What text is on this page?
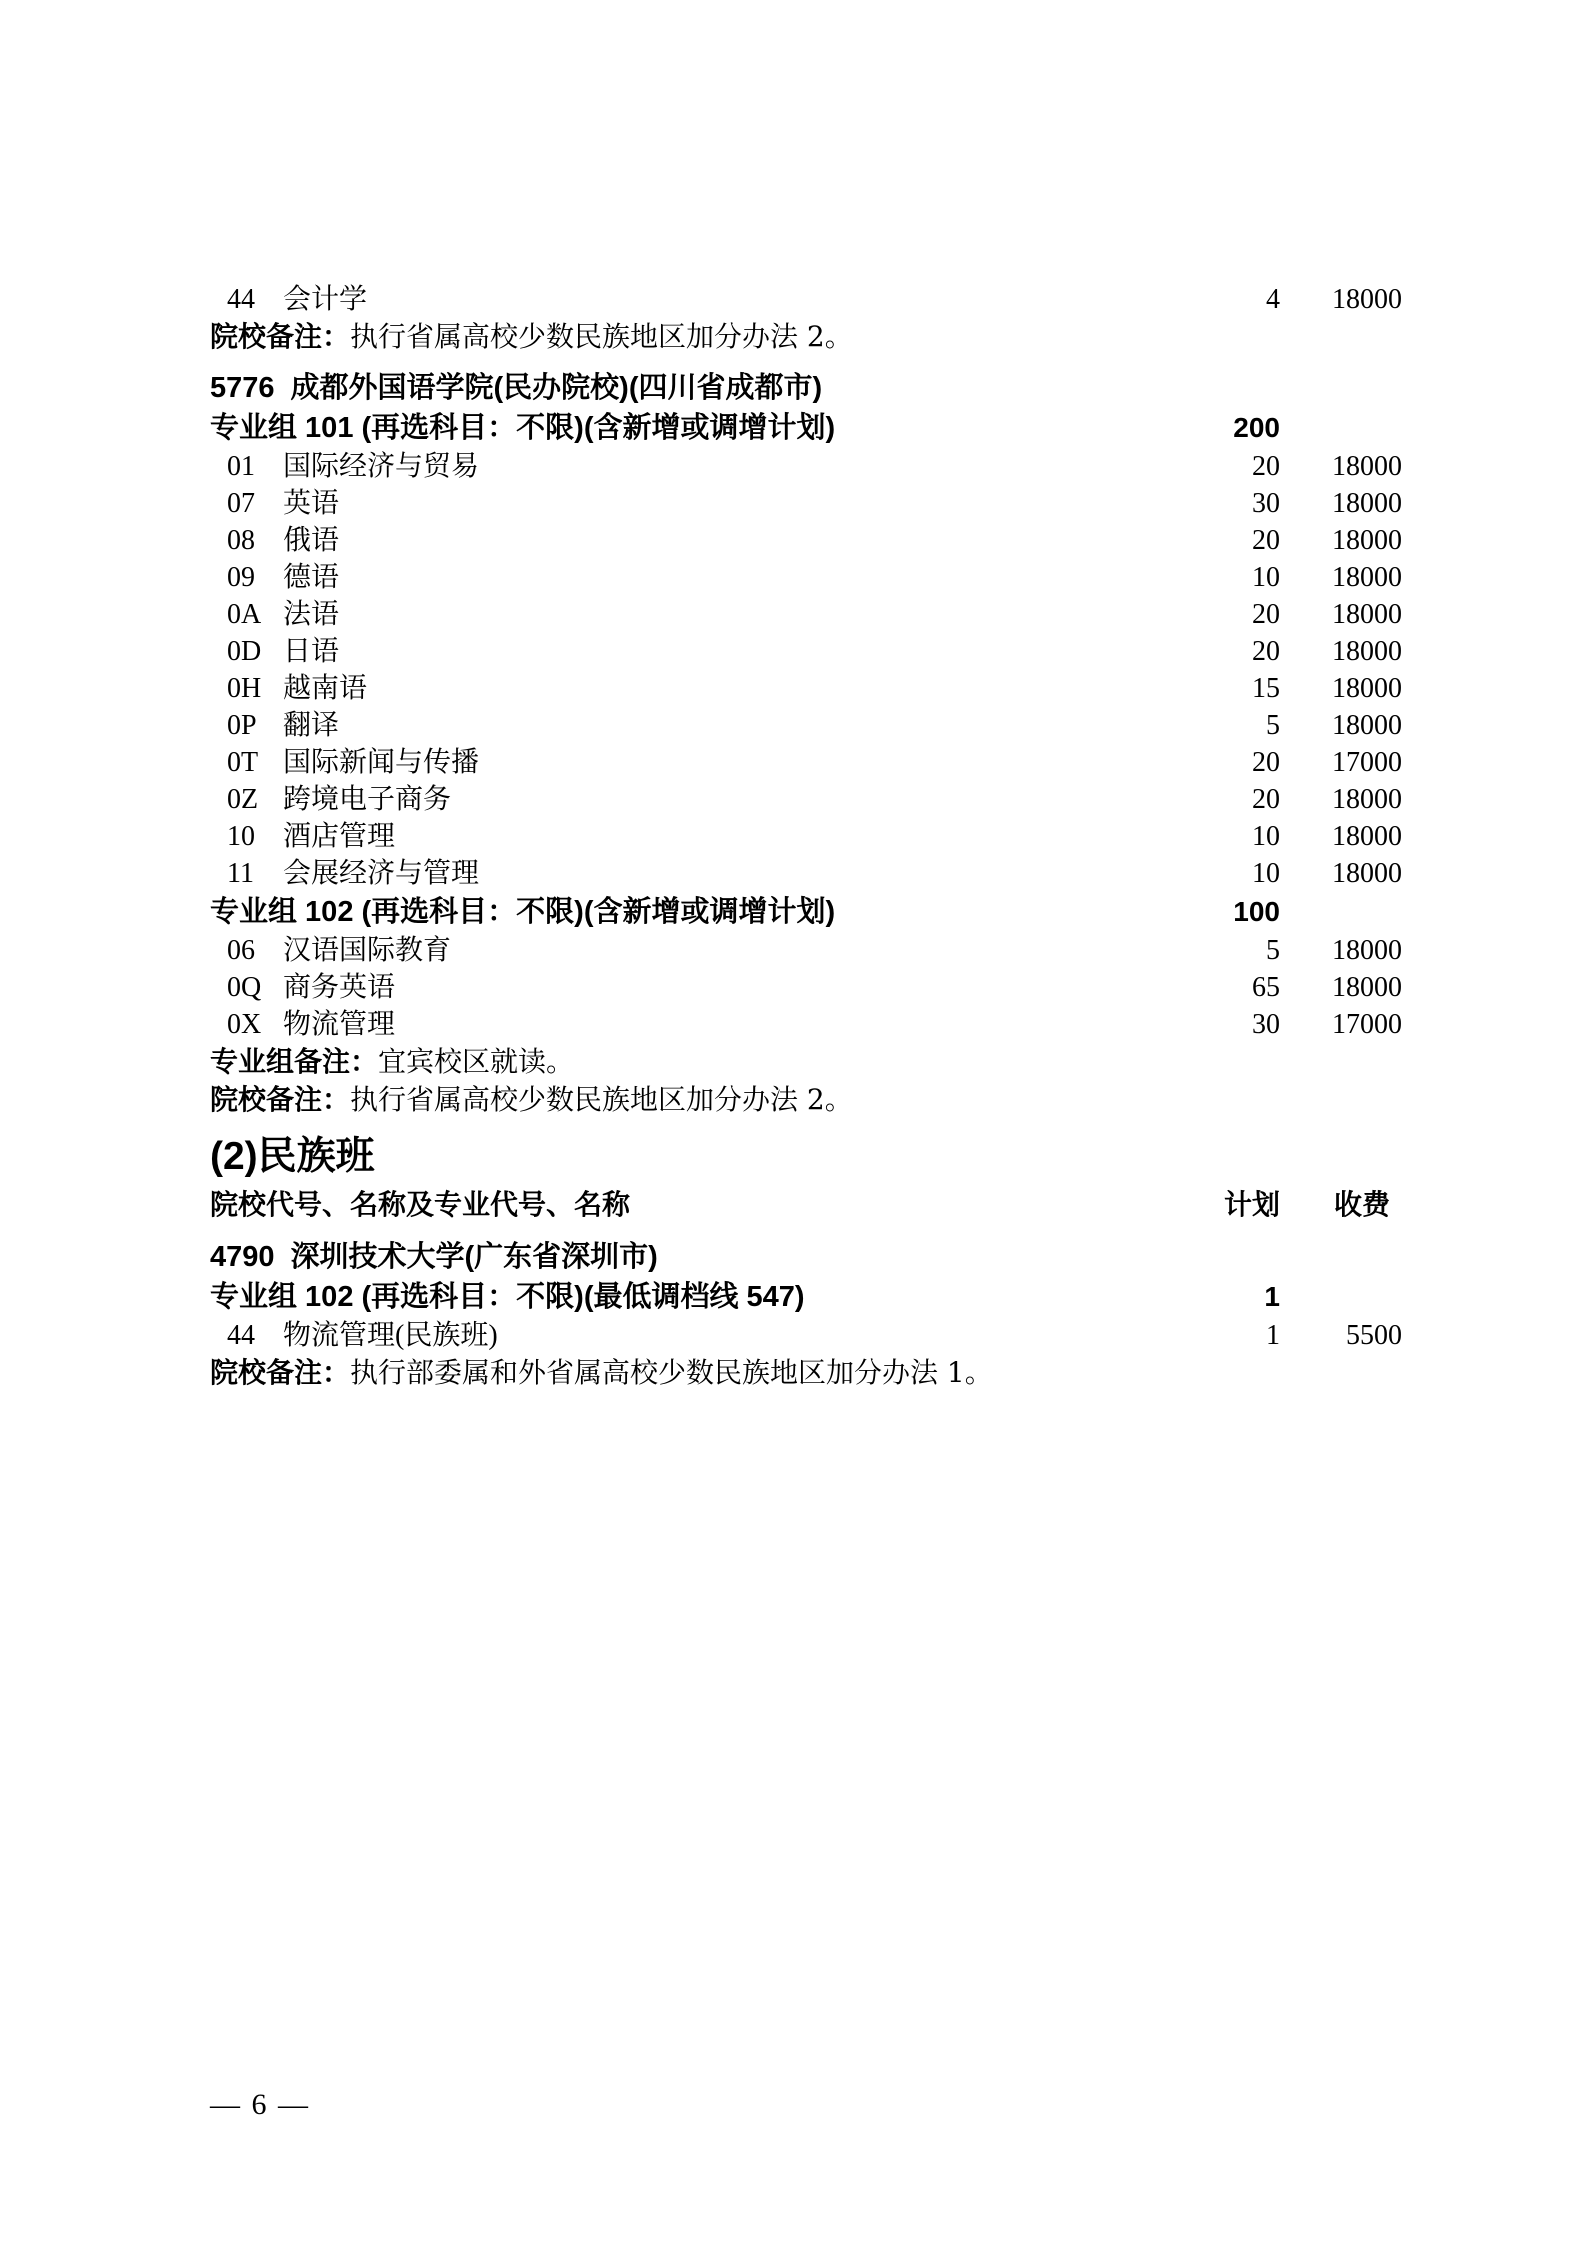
44 会计学	4	18000
院校备注：执行省属高校少数民族地区加分办法 2。
5776 成都外国语学院(民办院校)(四川省成都市)
专业组 101 (再选科目：不限)(含新增或调增计划)	200
01 国际经济与贸易	20	18000
07 英语	30	18000
08 俄语	20	18000
09 德语	10	18000
0A 法语	20	18000
0D 日语	20	18000
0H 越南语	15	18000
0P 翻译	5	18000
0T 国际新闻与传播	20	17000
0Z 跨境电子商务	20	18000
10 酒店管理	10	18000
11 会展经济与管理	10	18000
专业组 102 (再选科目：不限)(含新增或调增计划)	100
06 汉语国际教育	5	18000
0Q 商务英语	65	18000
0X 物流管理	30	17000
专业组备注：宜宾校区就读。
院校备注：执行省属高校少数民族地区加分办法 2。
(2)民族班
院校代号、名称及专业代号、名称	计划	收费
4790 深圳技术大学(广东省深圳市)
专业组 102 (再选科目：不限)(最低调档线 547)	1
44 物流管理(民族班)	1	5500
院校备注：执行部委属和外省属高校少数民族地区加分办法 1。
— 6 —
